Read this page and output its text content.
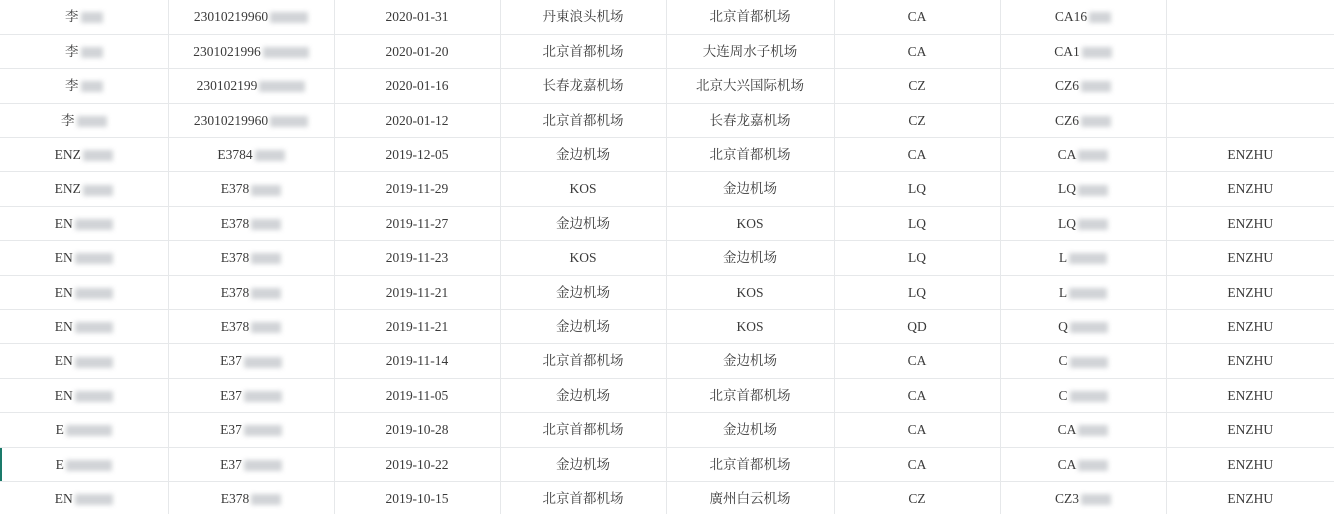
李	23010219960	2020-01-31	丹東浪头机场	北京首都机场	CA	CA16	

李	2301021996	2020-01-20	北京首都机场	大连周水子机场	CA	CA1	

李	230102199	2020-01-16	长春龙嘉机场	北京大兴国际机场	CZ	CZ6	

李	23010219960	2020-01-12	北京首都机场	长春龙嘉机场	CZ	CZ6	

ENZ	E3784	2019-12-05	金边机场	北京首都机场	CA	CA	ENZHU

ENZ	E378	2019-11-29	KOS	金边机场	LQ	LQ	ENZHU

EN	E378	2019-11-27	金边机场	KOS	LQ	LQ	ENZHU

EN	E378	2019-11-23	KOS	金边机场	LQ	L	ENZHU

EN	E378	2019-11-21	金边机场	KOS	LQ	L	ENZHU

EN	E378	2019-11-21	金边机场	KOS	QD	Q	ENZHU

EN	E37	2019-11-14	北京首都机场	金边机场	CA	C	ENZHU

EN	E37	2019-11-05	金边机场	北京首都机场	CA	C	ENZHU

E	E37	2019-10-28	北京首都机场	金边机场	CA	CA	ENZHU

E	E37	2019-10-22	金边机场	北京首都机场	CA	CA	ENZHU

EN	E378	2019-10-15	北京首都机场	廣州白云机场	CZ	CZ3	ENZHU
